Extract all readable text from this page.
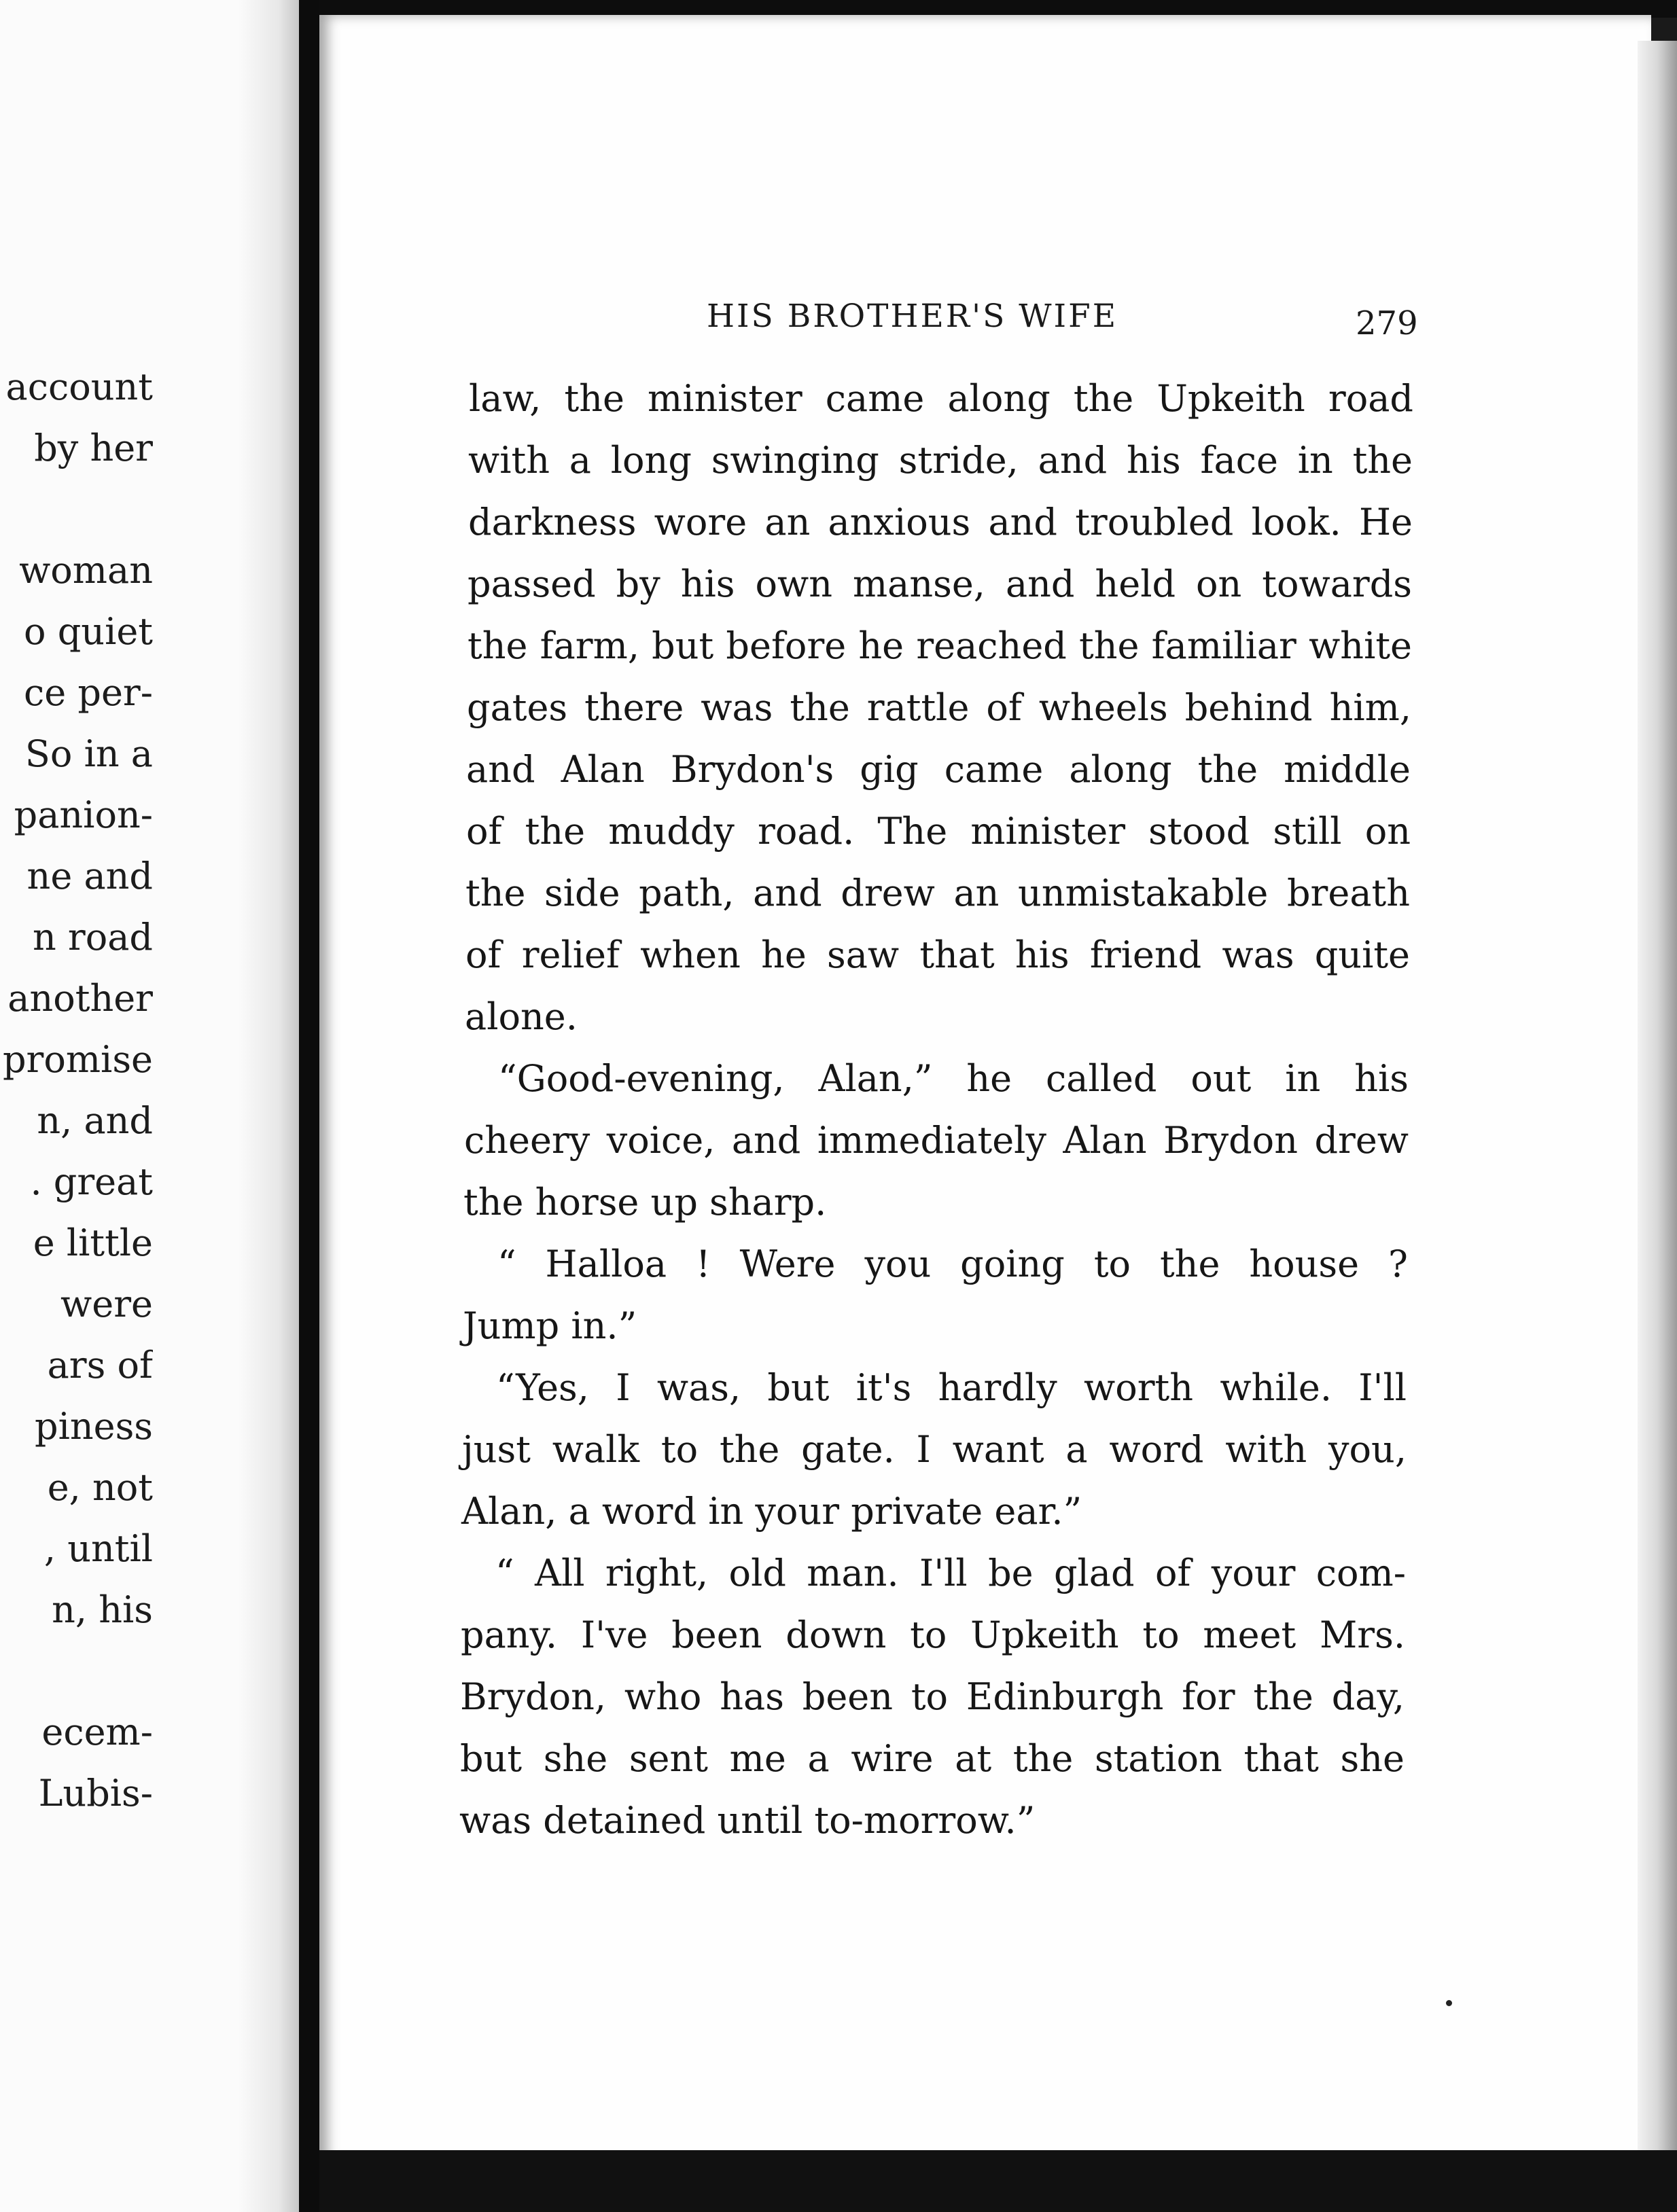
account
by her
woman
o quiet
ce per-
So in a
panion-
ne and
n road
another
promise
n, and
. great
e little
were
ars of
piness
e, not
, until
n, his
ecem-
Lubis-
HIS BROTHER'S WIFE	279
law, the minister came along the Upkeith road
with a long swinging stride, and his face in the
darkness wore an anxious and troubled look. He
passed by his own manse, and held on towards
the farm, but before he reached the familiar white
gates there was the rattle of wheels behind him,
and Alan Brydon's gig came along the middle
of the muddy road. The minister stood still on
the side path, and drew an unmistakable breath
of relief when he saw that his friend was quite
alone.
“Good-evening, Alan,” he called out in his
cheery voice, and immediately Alan Brydon drew
the horse up sharp.
“ Halloa ! Were you going to the house ?
Jump in.”
“Yes, I was, but it's hardly worth while. I'll
just walk to the gate. I want a word with you,
Alan, a word in your private ear.”
“ All right, old man. I'll be glad of your com-
pany. I've been down to Upkeith to meet Mrs.
Brydon, who has been to Edinburgh for the day,
but she sent me a wire at the station that she
was detained until to-morrow.”
